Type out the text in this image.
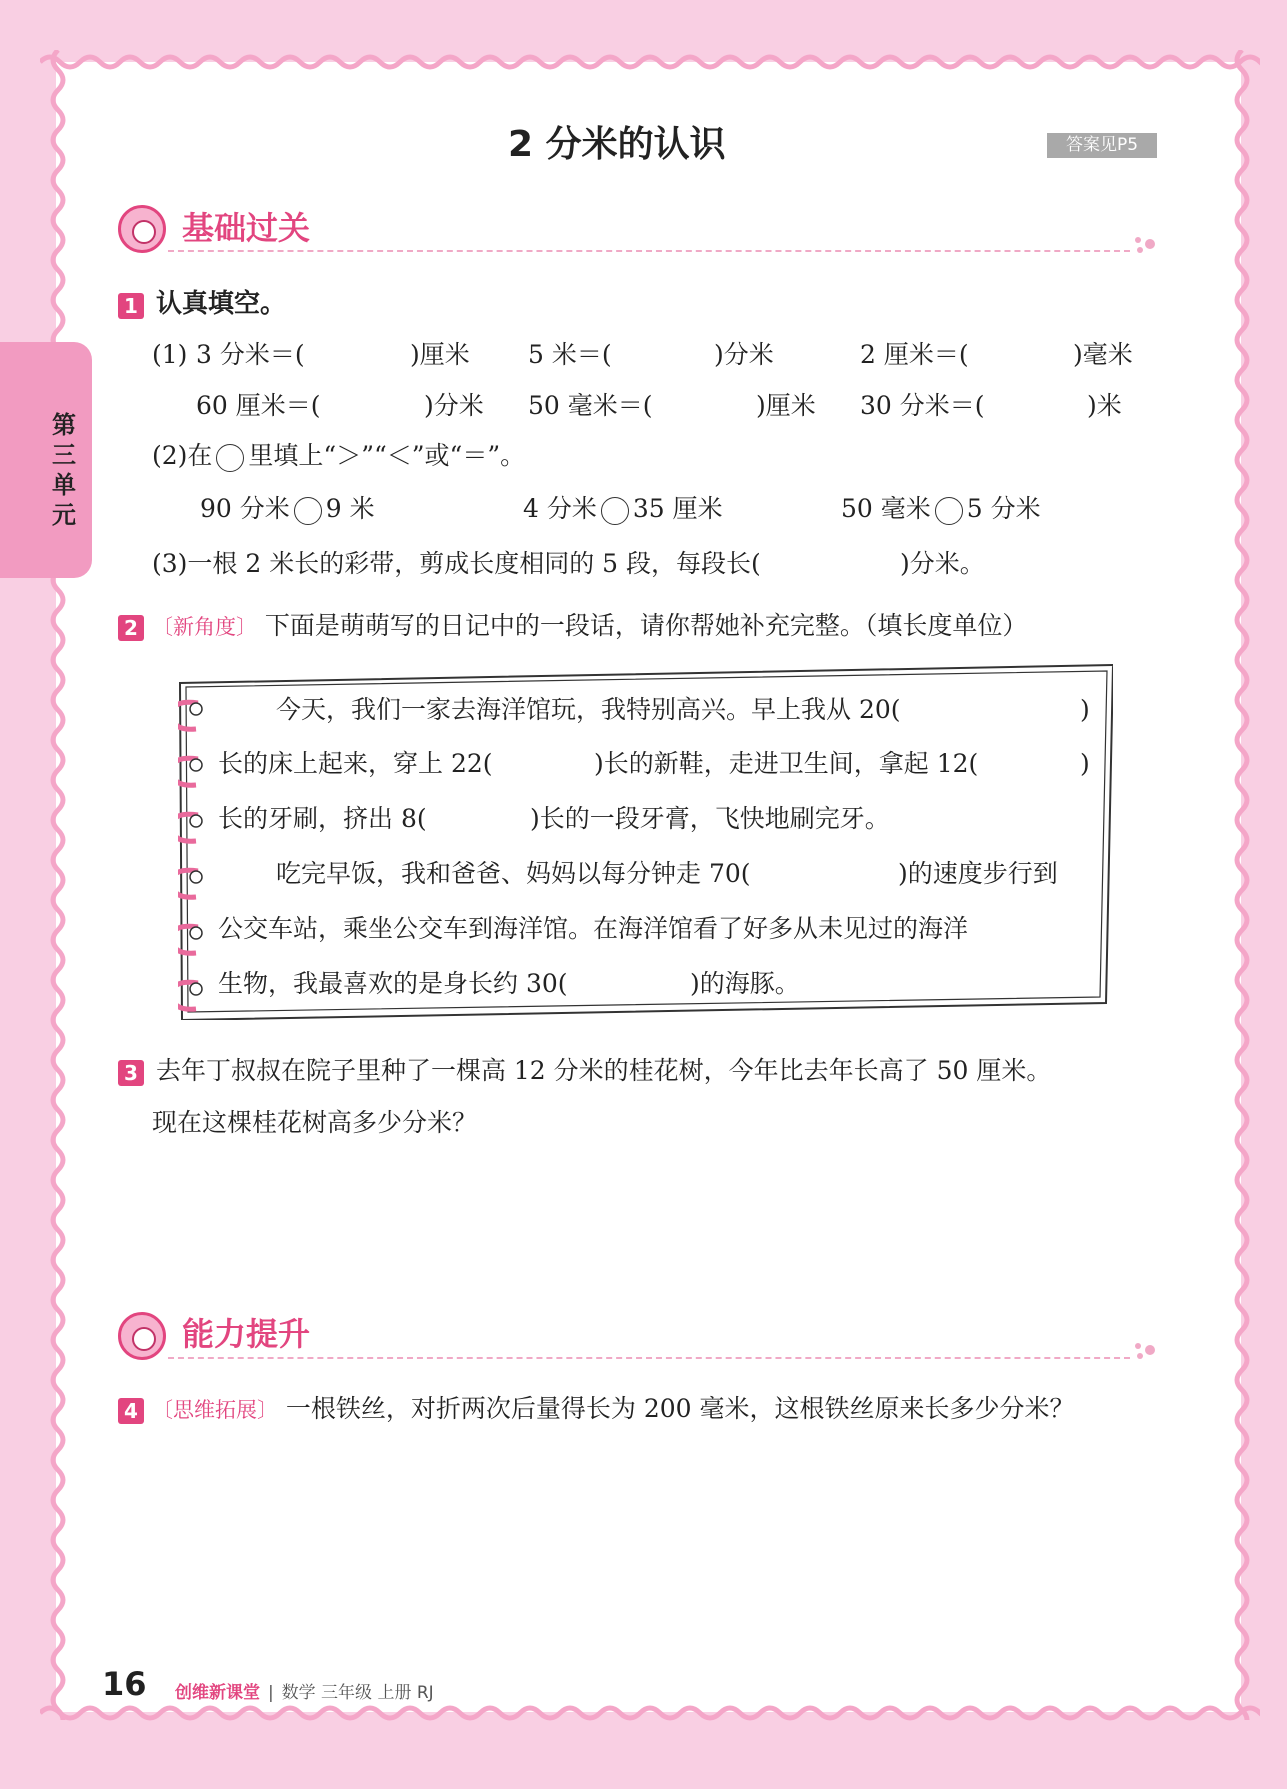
第三单元
2 分米的认识	答案见P5
基础过关
1 认真填空。
(1) 3 分米＝(	)厘米 5 米＝(	)分米	2 厘米＝(	)毫米
60 厘米＝(	)分米 50 毫米＝(	)厘米 30 分米＝(	)米
(2)在 里填上“＞”“＜”或“＝”。
90 分米 9 米	4 分米 35 厘米	50 毫米 5 分米
(3)一根 2 米长的彩带，剪成长度相同的 5 段，每段长(	)分米。
2 〔新角度〕 下面是萌萌写的日记中的一段话，请你帮她补充完整。（填长度单位）
今天，我们一家去海洋馆玩，我特别高兴。早上我从 20(	)
长的床上起来，穿上 22(	)长的新鞋，走进卫生间，拿起 12(	)
长的牙刷，挤出 8(	)长的一段牙膏，飞快地刷完牙。
吃完早饭，我和爸爸、妈妈以每分钟走 70(	)的速度步行到
公交车站，乘坐公交车到海洋馆。在海洋馆看了好多从未见过的海洋
生物，我最喜欢的是身长约 30(	)的海豚。
3 去年丁叔叔在院子里种了一棵高 12 分米的桂花树，今年比去年长高了 50 厘米。
现在这棵桂花树高多少分米？
能力提升
4 〔思维拓展〕 一根铁丝，对折两次后量得长为 200 毫米，这根铁丝原来长多少分米？
16 创维新课堂 | 数学 三年级 上册 RJ
